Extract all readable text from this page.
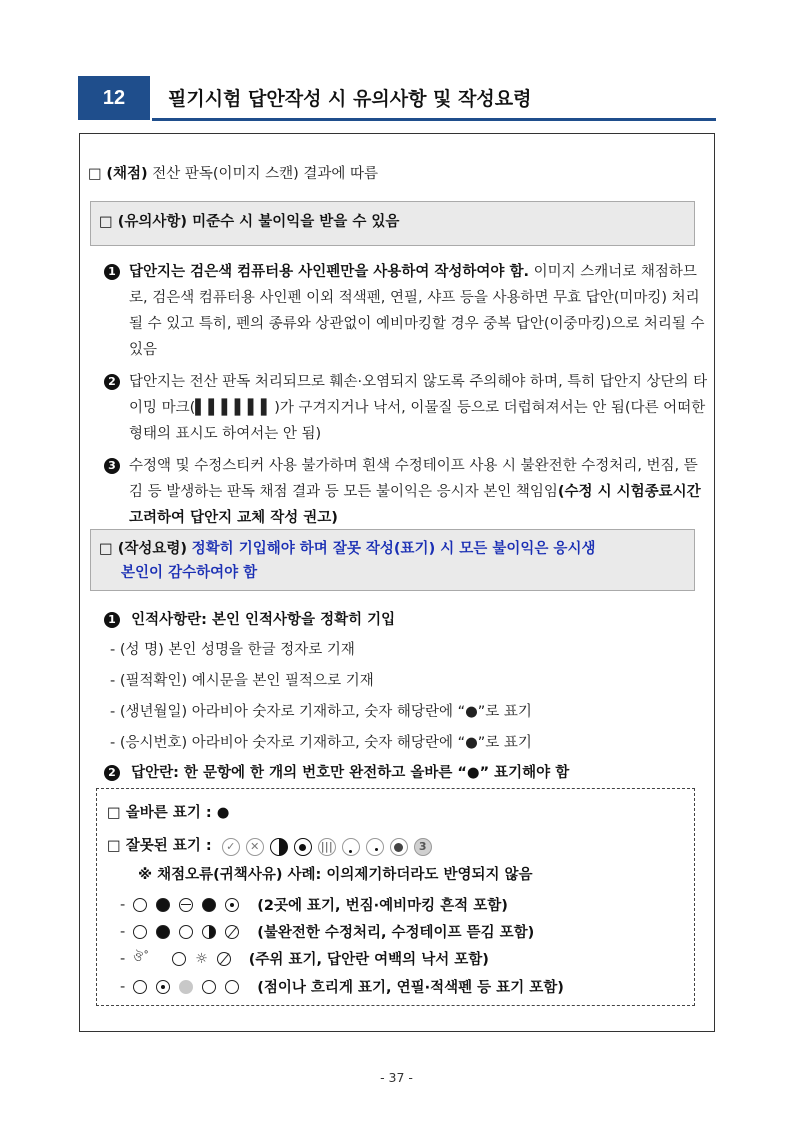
12	필기시험 답안작성 시 유의사항 및 작성요령
□ (채점) 전산 판독(이미지 스캔) 결과에 따름
□ (유의사항) 미준수 시 불이익을 받을 수 있음
1 답안지는 검은색 컴퓨터용 사인펜만을 사용하여 작성하여야 함. 이미지 스캐너로 채점하므로, 검은색 컴퓨터용 사인펜 이외 적색펜, 연필, 샤프 등을 사용하면 무효 답안(미마킹) 처리될 수 있고 특히, 펜의 종류와 상관없이 예비마킹할 경우 중복 답안(이중마킹)으로 처리될 수 있음
2 답안지는 전산 판독 처리되므로 훼손·오염되지 않도록 주의해야 하며, 특히 답안지 상단의 타이밍 마크(▌▌▌▌▌▌)가 구겨지거나 낙서, 이물질 등으로 더럽혀져서는 안 됨(다른 어떠한 형태의 표시도 하여서는 안 됨)
3 수정액 및 수정스티커 사용 불가하며 흰색 수정테이프 사용 시 불완전한 수정처리, 번짐, 뜯김 등 발생하는 판독 채점 결과 등 모든 불이익은 응시자 본인 책임임(수정 시 시험종료시간 고려하여 답안지 교체 작성 권고)
□ (작성요령) 정확히 기입해야 하며 잘못 작성(표기) 시 모든 불이익은 응시생
본인이 감수하여야 함
1 인적사항란: 본인 인적사항을 정확히 기입
- (성 명) 본인 성명을 한글 정자로 기재
- (필적확인) 예시문을 본인 필적으로 기재
- (생년월일) 아라비아 숫자로 기재하고, 숫자 해당란에 “●”로 표기
- (응시번호) 아라비아 숫자로 기재하고, 숫자 해당란에 “●”로 표기
2 답안란: 한 문항에 한 개의 번호만 완전하고 올바른 “●” 표기해야 함
□ 올바른 표기 : ●
□ 잘못된 표기 :	✓	✕	|||	3
※ 채점오류(귀책사유) 사례: 이의제기하더라도 반영되지 않음
-	(2곳에 표기, 번짐·예비마킹 흔적 포함)
-	(불완전한 수정처리, 수정테이프 뜯김 포함)
- ঔ˚	☼	(주위 표기, 답안란 여백의 낙서 포함)
-	(점이나 흐리게 표기, 연필·적색펜 등 표기 포함)
- 37 -
